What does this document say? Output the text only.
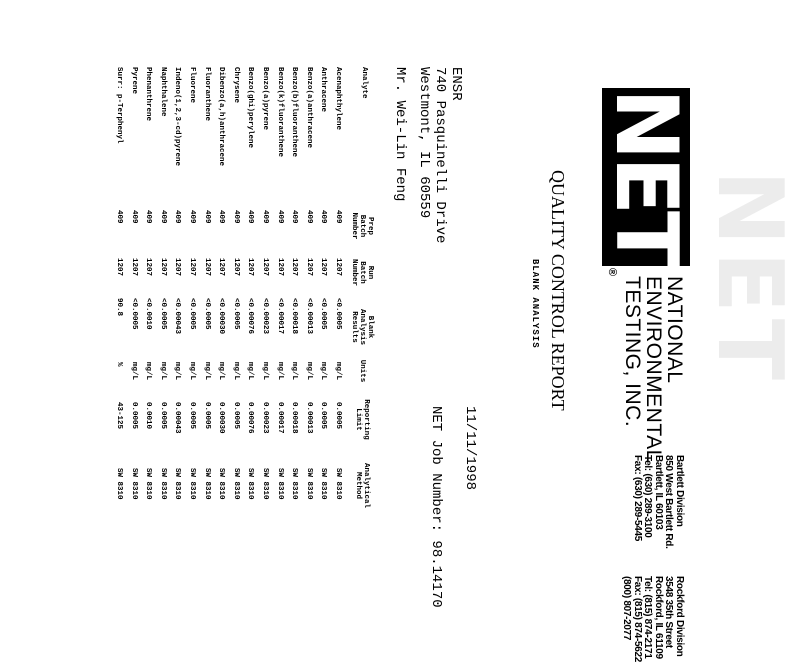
NET
NET
®
NATIONAL
ENVIRONMENTAL
TESTING, INC.
Bartlett Division
850 West Bartlett Rd.
Bartlett, IL 60103
Tel: (630) 289-3100
Fax: (630) 289-5445
Rockford Division
3548 35th Street
Rockford, IL 61109
Tel: (815) 874-2171
Fax: (815) 874-5622
(800) 807-2077
QUALITY CONTROL REPORT
BLANK ANALYSIS
ENSR
740 Pasquinelli Drive
Westmont, IL 60559
Mr. Wei-Lin Feng
11/11/1998
NET Job Number: 98.14170
Analyte
Prep
Batch
Number
Run
Batch
Number
Blank
Analysis
Results
Units
Reporting
Limit
Analytical
Method
Acenaphthylene
409
1207
<0.0005
mg/L
0.0005
SW 8310
Anthracene
409
1207
<0.0005
mg/L
0.0005
SW 8310
Benzo(a)anthracene
409
1207
<0.00013
mg/L
0.00013
SW 8310
Benzo(b)fluoranthene
409
1207
<0.00018
mg/L
0.00018
SW 8310
Benzo(k)fluoranthene
409
1207
<0.00017
mg/L
0.00017
SW 8310
Benzo(a)pyrene
409
1207
<0.00023
mg/L
0.00023
SW 8310
Benzo(ghi)perylene
409
1207
<0.00076
mg/L
0.00076
SW 8310
Chrysene
409
1207
<0.0005
mg/L
0.0005
SW 8310
Dibenzo(a,h)anthracene
409
1207
<0.00030
mg/L
0.00030
SW 8310
Fluoranthene
409
1207
<0.0005
mg/L
0.0005
SW 8310
Fluorene
409
1207
<0.0005
mg/L
0.0005
SW 8310
Indeno(1,2,3-cd)pyrene
409
1207
<0.00043
mg/L
0.00043
SW 8310
Naphthalene
409
1207
<0.0005
mg/L
0.0005
SW 8310
Phenanthrene
409
1207
<0.0010
mg/L
0.0010
SW 8310
Pyrene
409
1207
<0.0005
mg/L
0.0005
SW 8310
Surr: p-Terphenyl
409
1207
90.8
%
43-125
SW 8310
